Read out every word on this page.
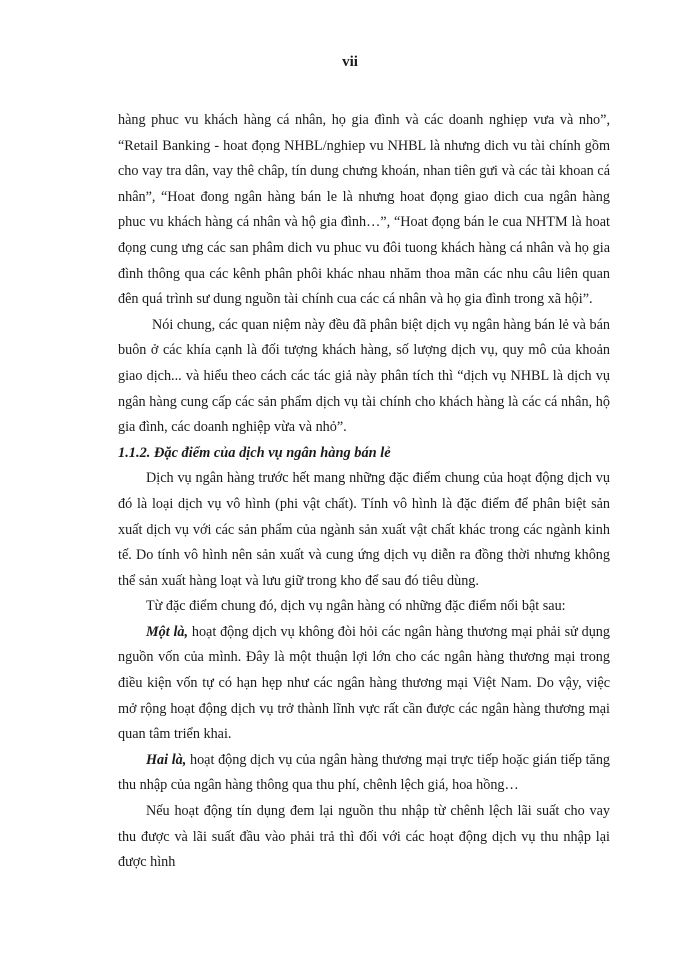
vii

hàng phuc vu khách hàng cá nhân, họ gia đình và các doanh nghiẹp vưa và nho”, “Retail Banking - hoat đọng NHBL/nghiep vu NHBL là nhưng dich vu tài chính gồm cho vay tra dân, vay thê châp, tín dung chưng khoán, nhan tiên gưi và các tài khoan cá nhân”, “Hoat đong ngân hàng bán le là nhưng hoat đọng giao dich cua ngân hàng phuc vu khách hàng cá nhân và hộ gia đình…”, “Hoat đọng bán le cua NHTM là hoat đọng cung ưng các san phâm dich vu phuc vu đôi tuong khách hàng cá nhân và họ gia đình thông qua các kênh phân phôi khác nhau nhăm thoa mãn các nhu câu liên quan đên quá trình sư dung nguồn tài chính cua các cá nhân và họ gia đình trong xã hội”.

Nói chung, các quan niệm này đều đã phân biệt dịch vụ ngân hàng bán lẻ và bán buôn ở các khía cạnh là đối tượng khách hàng, số lượng dịch vụ, quy mô của khoản giao dịch... và hiểu theo cách các tác giả này phân tích thì “dịch vụ NHBL là dịch vụ ngân hàng cung cấp các sản phẩm dịch vụ tài chính cho khách hàng là các cá nhân, hộ gia đình, các doanh nghiệp vừa và nhỏ”.

1.1.2. Đặc điểm của dịch vụ ngân hàng bán lẻ

Dịch vụ ngân hàng trước hết mang những đặc điểm chung của hoạt động dịch vụ đó là loại dịch vụ vô hình (phi vật chất). Tính vô hình là đặc điểm để phân biệt sản xuất dịch vụ với các sản phẩm của ngành sản xuất vật chất khác trong các ngành kinh tế. Do tính vô hình nên sản xuất và cung ứng dịch vụ diễn ra đồng thời nhưng không thể sản xuất hàng loạt và lưu giữ trong kho để sau đó tiêu dùng.

Từ đặc điểm chung đó, dịch vụ ngân hàng có những đặc điểm nổi bật sau:

Một là, hoạt động dịch vụ không đòi hỏi các ngân hàng thương mại phải sử dụng nguồn vốn của mình. Đây là một thuận lợi lớn cho các ngân hàng thương mại trong điều kiện vốn tự có hạn hẹp như các ngân hàng thương mại Việt Nam. Do vậy, việc mở rộng hoạt động dịch vụ trở thành lĩnh vực rất cần được các ngân hàng thương mại quan tâm triển khai.

Hai là, hoạt động dịch vụ của ngân hàng thương mại trực tiếp hoặc gián tiếp tăng thu nhập của ngân hàng thông qua thu phí, chênh lệch giá, hoa hồng…

Nếu hoạt động tín dụng đem lại nguồn thu nhập từ chênh lệch lãi suất cho vay thu được và lãi suất đầu vào phải trả thì đối với các hoạt động dịch vụ thu nhập lại được hình
